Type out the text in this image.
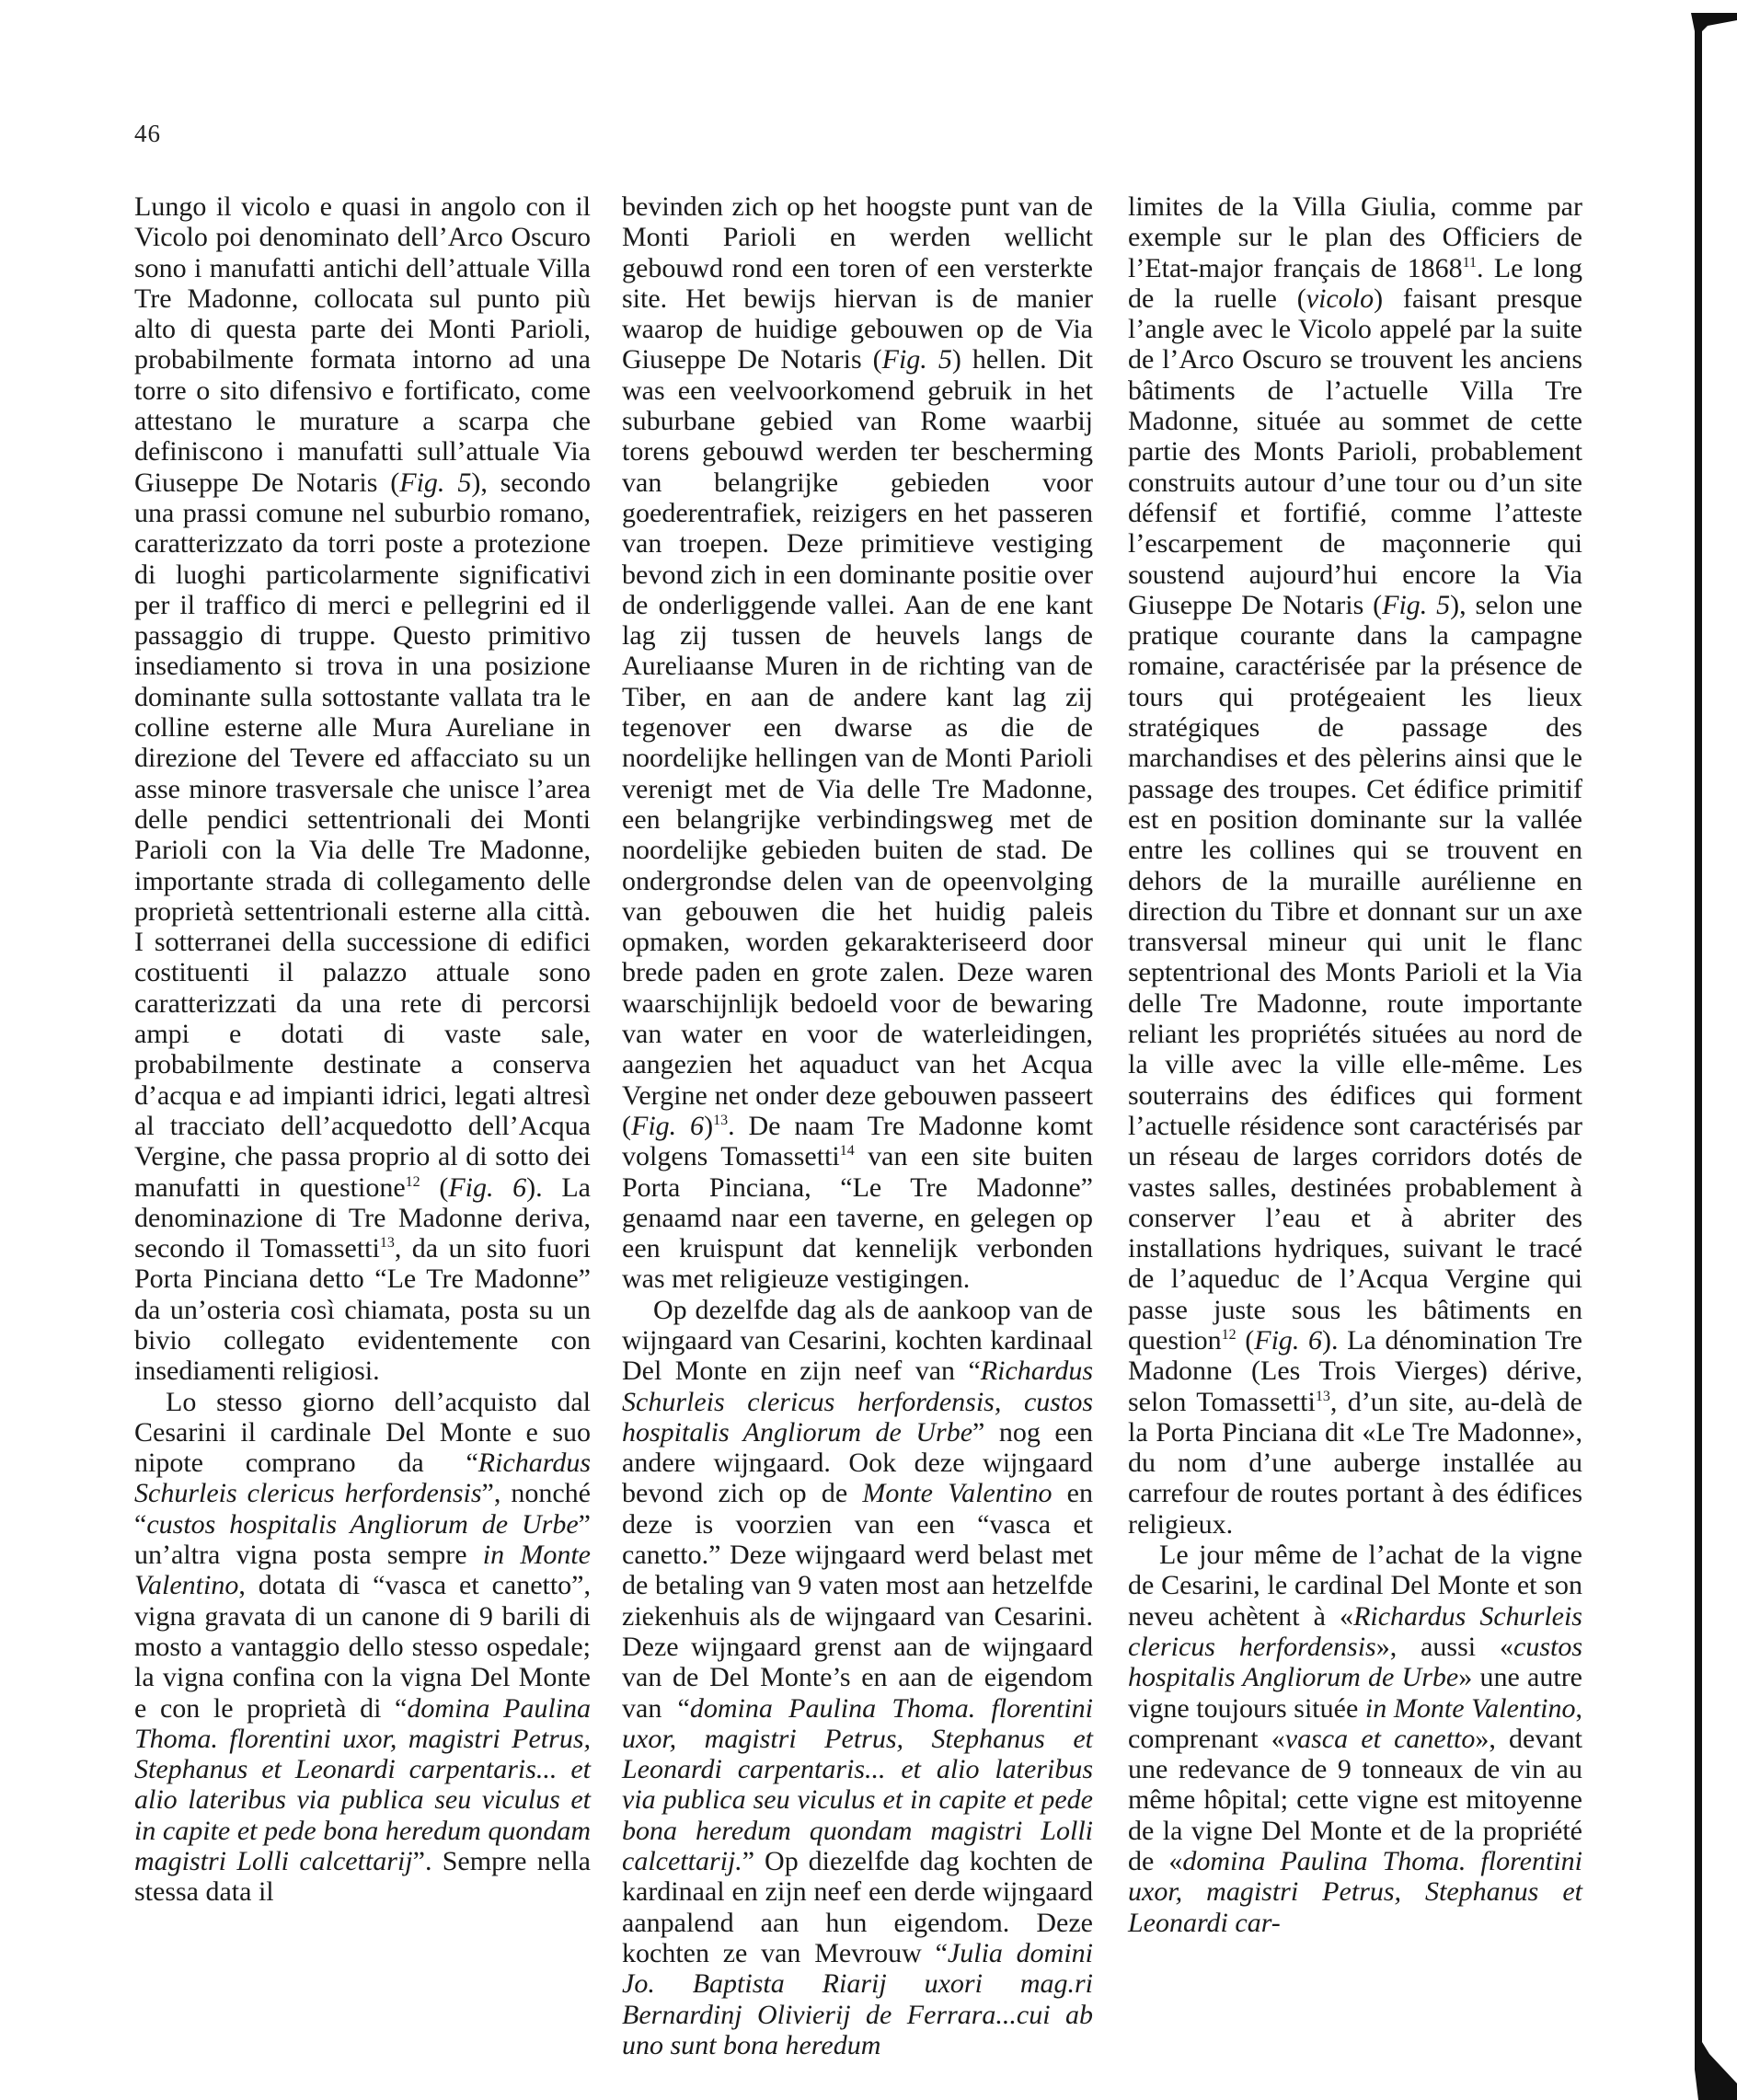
46

Lungo il vicolo e quasi in angolo con il Vicolo poi denominato dell’Arco Oscuro sono i manufatti antichi dell’attuale Villa Tre Madonne, collocata sul punto più alto di questa parte dei Monti Parioli, probabilmente formata intorno ad una torre o sito difensivo e fortificato, come attestano le murature a scarpa che definiscono i manufatti sull’attuale Via Giuseppe De Notaris (Fig. 5), secondo una prassi comune nel suburbio romano, caratterizzato da torri poste a protezione di luoghi particolarmente significativi per il traffico di merci e pellegrini ed il passaggio di truppe. Questo primitivo insediamento si trova in una posizione dominante sulla sottostante vallata tra le colline esterne alle Mura Aureliane in direzione del Tevere ed affacciato su un asse minore trasversale che unisce l’area delle pendici settentrionali dei Monti Parioli con la Via delle Tre Madonne, importante strada di collegamento delle proprietà settentrionali esterne alla città. I sotterranei della successione di edifici costituenti il palazzo attuale sono caratterizzati da una rete di percorsi ampi e dotati di vaste sale, probabilmente destinate a conserva d’acqua e ad impianti idrici, legati altresì al tracciato dell’acquedotto dell’Acqua Vergine, che passa proprio al di sotto dei manufatti in questione$^{12}$ (Fig. 6). La denominazione di Tre Madonne deriva, secondo il Tomassetti$^{13}$, da un sito fuori Porta Pinciana detto “Le Tre Madonne” da un’osteria così chiamata, posta su un bivio collegato evidentemente con insediamenti religiosi.

Lo stesso giorno dell’acquisto dal Cesarini il cardinale Del Monte e suo nipote comprano da “Richardus Schurleis clericus herfordensis”, nonché “custos hospitalis Angliorum de Urbe” un’altra vigna posta sempre in Monte Valentino, dotata di “vasca et canetto”, vigna gravata di un canone di 9 barili di mosto a vantaggio dello stesso ospedale; la vigna confina con la vigna Del Monte e con le proprietà di “domina Paulina Thoma. florentini uxor, magistri Petrus, Stephanus et Leonardi carpentaris... et alio lateribus via publica seu viculus et in capite et pede bona heredum quondam magistri Lolli calcettarij”. Sempre nella stessa data il

bevinden zich op het hoogste punt van de Monti Parioli en werden wellicht gebouwd rond een toren of een versterkte site. Het bewijs hiervan is de manier waarop de huidige gebouwen op de Via Giuseppe De Notaris (Fig. 5) hellen. Dit was een veelvoorkomend gebruik in het suburbane gebied van Rome waarbij torens gebouwd werden ter bescherming van belangrijke gebieden voor goederentrafiek, reizigers en het passeren van troepen. Deze primitieve vestiging bevond zich in een dominante positie over de onderliggende vallei. Aan de ene kant lag zij tussen de heuvels langs de Aureliaanse Muren in de richting van de Tiber, en aan de andere kant lag zij tegenover een dwarse as die de noordelijke hellingen van de Monti Parioli verenigt met de Via delle Tre Madonne, een belangrijke verbindingsweg met de noordelijke gebieden buiten de stad. De ondergrondse delen van de opeenvolging van gebouwen die het huidig paleis opmaken, worden gekarakteriseerd door brede paden en grote zalen. Deze waren waarschijnlijk bedoeld voor de bewaring van water en voor de waterleidingen, aangezien het aquaduct van het Acqua Vergine net onder deze gebouwen passeert (Fig. 6)$^{13}$. De naam Tre Madonne komt volgens Tomassetti$^{14}$ van een site buiten Porta Pinciana, “Le Tre Madonne” genaamd naar een taverne, en gelegen op een kruispunt dat kennelijk verbonden was met religieuze vestigingen.

Op dezelfde dag als de aankoop van de wijngaard van Cesarini, kochten kardinaal Del Monte en zijn neef van “Richardus Schurleis clericus herfordensis, custos hospitalis Angliorum de Urbe” nog een andere wijngaard. Ook deze wijngaard bevond zich op de Monte Valentino en deze is voorzien van een “vasca et canetto.” Deze wijngaard werd belast met de betaling van 9 vaten most aan hetzelfde ziekenhuis als de wijngaard van Cesarini. Deze wijngaard grenst aan de wijngaard van de Del Monte’s en aan de eigendom van “domina Paulina Thoma. florentini uxor, magistri Petrus, Stephanus et Leonardi carpentaris... et alio lateribus via publica seu viculus et in capite et pede bona heredum quondam magistri Lolli calcettarij.” Op diezelfde dag kochten de kardinaal en zijn neef een derde wijngaard aanpalend aan hun eigendom. Deze kochten ze van Mevrouw “Julia domini Jo. Baptista Riarij uxori mag.ri Bernardinj Olivierij de Ferrara...cui ab uno sunt bona heredum

limites de la Villa Giulia, comme par exemple sur le plan des Officiers de l’Etat-major français de 1868$^{11}$. Le long de la ruelle (vicolo) faisant presque l’angle avec le Vicolo appelé par la suite de l’Arco Oscuro se trouvent les anciens bâtiments de l’actuelle Villa Tre Madonne, située au sommet de cette partie des Monts Parioli, probablement construits autour d’une tour ou d’un site défensif et fortifié, comme l’atteste l’escarpement de maçonnerie qui soustend aujourd’hui encore la Via Giuseppe De Notaris (Fig. 5), selon une pratique courante dans la campagne romaine, caractérisée par la présence de tours qui protégeaient les lieux stratégiques de passage des marchandises et des pèlerins ainsi que le passage des troupes. Cet édifice primitif est en position dominante sur la vallée entre les collines qui se trouvent en dehors de la muraille aurélienne en direction du Tibre et donnant sur un axe transversal mineur qui unit le flanc septentrional des Monts Parioli et la Via delle Tre Madonne, route importante reliant les propriétés situées au nord de la ville avec la ville elle-même. Les souterrains des édifices qui forment l’actuelle résidence sont caractérisés par un réseau de larges corridors dotés de vastes salles, destinées probablement à conserver l’eau et à abriter des installations hydriques, suivant le tracé de l’aqueduc de l’Acqua Vergine qui passe juste sous les bâtiments en question$^{12}$ (Fig. 6). La dénomination Tre Madonne (Les Trois Vierges) dérive, selon Tomassetti$^{13}$, d’un site, au-delà de la Porta Pinciana dit «Le Tre Madonne», du nom d’une auberge installée au carrefour de routes portant à des édifices religieux.

Le jour même de l’achat de la vigne de Cesarini, le cardinal Del Monte et son neveu achètent à «Richardus Schurleis clericus herfordensis», aussi «custos hospitalis Angliorum de Urbe» une autre vigne toujours située in Monte Valentino, comprenant «vasca et canetto», devant une redevance de 9 tonneaux de vin au même hôpital; cette vigne est mitoyenne de la vigne Del Monte et de la propriété de «domina Paulina Thoma. florentini uxor, magistri Petrus, Stephanus et Leonardi car-
